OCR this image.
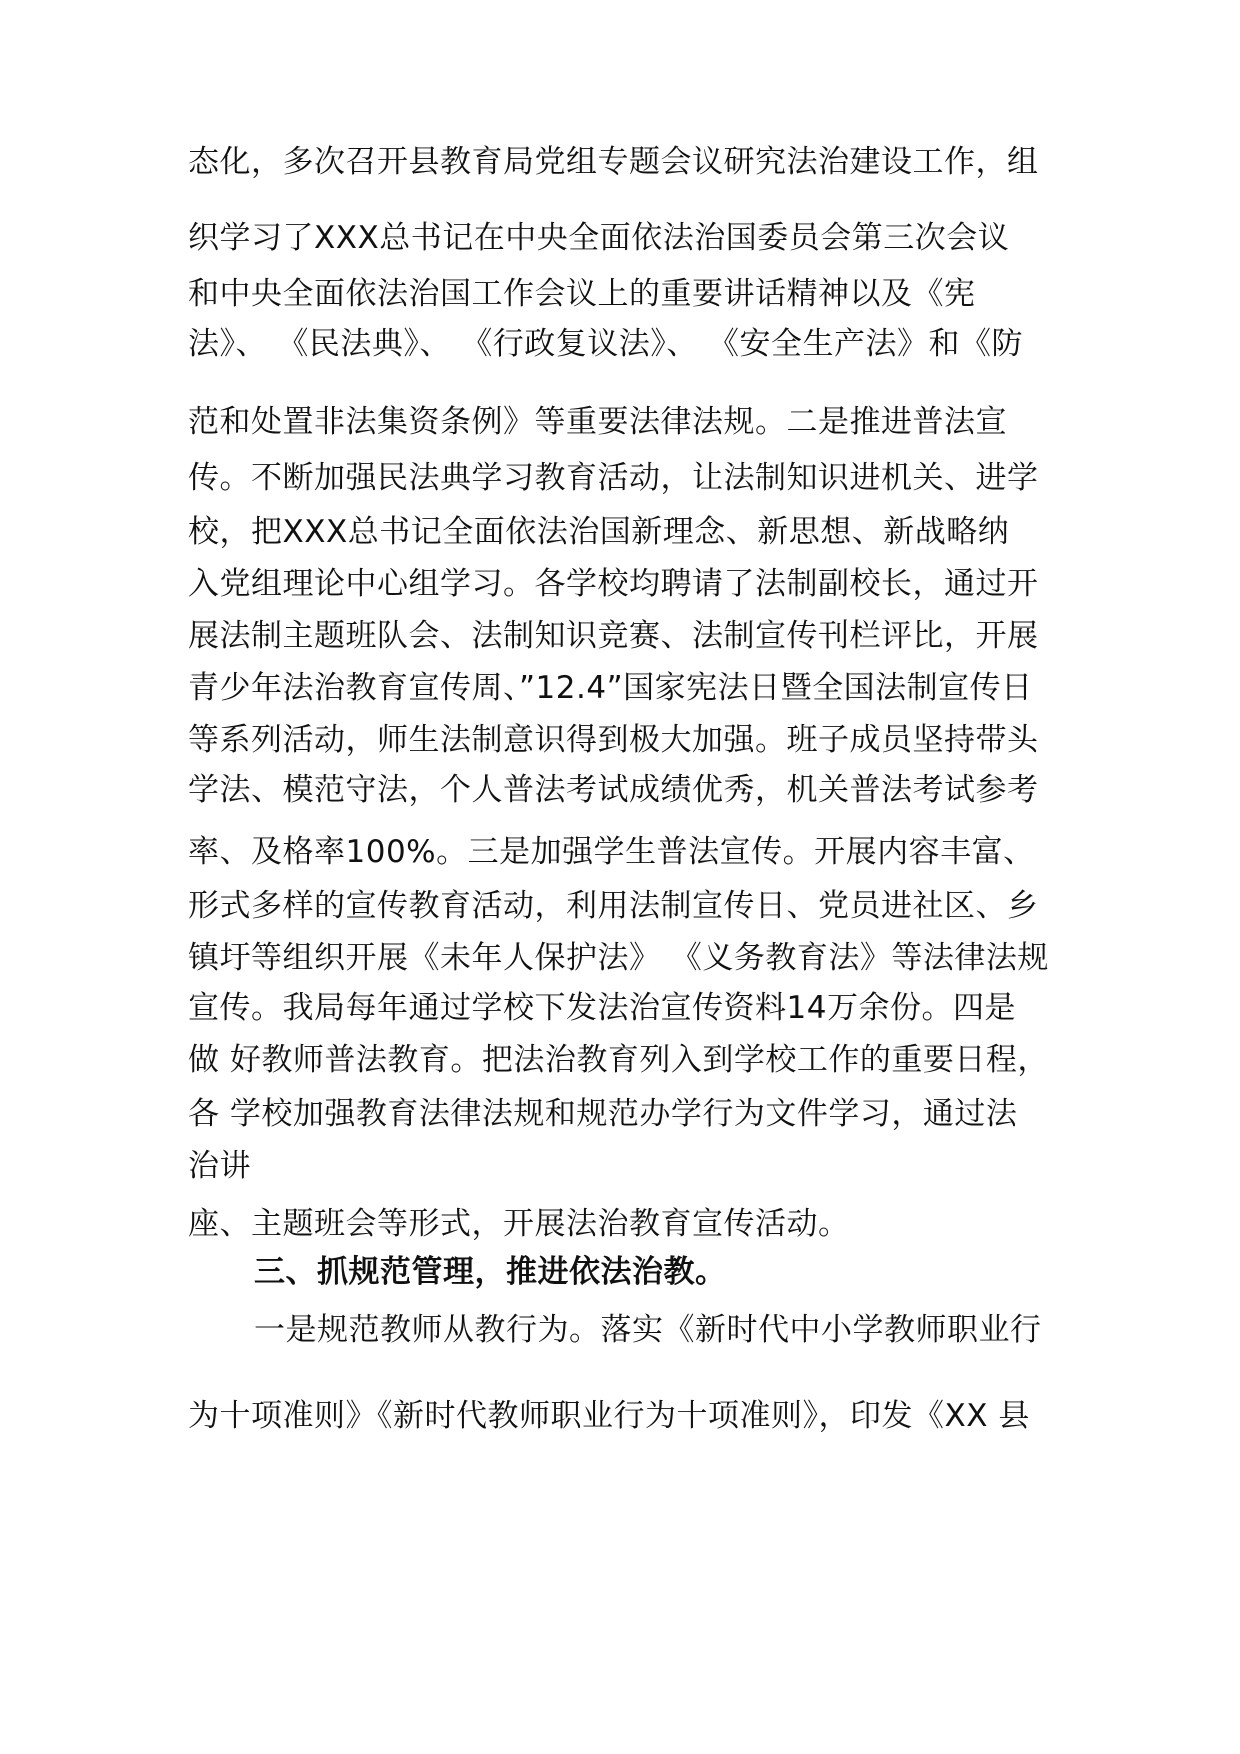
态化，多次召开县教育局党组专题会议研究法治建设工作，组
织学习了XXX总书记在中央全面依法治国委员会第三次会议
和中央全面依法治国工作会议上的重要讲话精神以及《宪
法》、 《民法典》、 《行政复议法》、 《安全生产法》和《防
范和处置非法集资条例》等重要法律法规。二是推进普法宣
传。不断加强民法典学习教育活动，让法制知识进机关、进学
校，把XXX总书记全面依法治国新理念、新思想、新战略纳
入党组理论中心组学习。各学校均聘请了法制副校长，通过开
展法制主题班队会、法制知识竞赛、法制宣传刊栏评比，开展
青少年法治教育宣传周、”12.4”国家宪法日暨全国法制宣传日
等系列活动，师生法制意识得到极大加强。班子成员坚持带头
学法、模范守法，个人普法考试成绩优秀，机关普法考试参考
率、及格率100%。三是加强学生普法宣传。开展内容丰富、
形式多样的宣传教育活动，利用法制宣传日、党员进社区、乡
镇圩等组织开展《未年人保护法》 《义务教育法》等法律法规
宣传。我局每年通过学校下发法治宣传资料14万余份。四是
做 好教师普法教育。把法治教育列入到学校工作的重要日程，
各 学校加强教育法律法规和规范办学行为文件学习，通过法
治讲
座、主题班会等形式，开展法治教育宣传活动。
三、抓规范管理，推进依法治教。
一是规范教师从教行为。落实《新时代中小学教师职业行
为十项准则》《新时代教师职业行为十项准则》，印发《XX 县
